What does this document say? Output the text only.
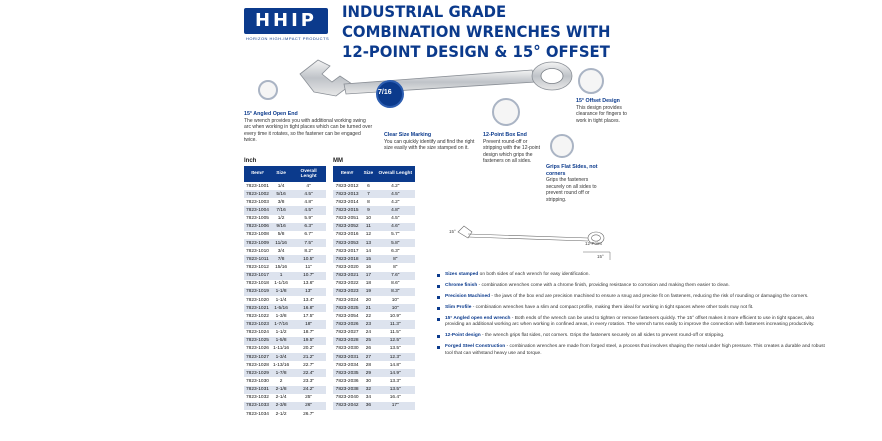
HHIP
HORIZON HIGH-IMPACT PRODUCTS
INDUSTRIAL GRADE COMBINATION WRENCHES WITH 12-POINT DESIGN & 15° OFFSET
7/16
15° Angled Open End
The wrench provides you with additional working swing arc when working in tight places which can be turned over every time it rotates, so the fastener can be engaged twice.
Clear Size Marking
You can quickly identify and find the right size easily with the size stamped on it.
12-Point Box End
Prevent round-off or stripping with the 12-point design which grips the fasteners on all sides.
15° Offset Design
This design provides clearance for fingers to work in tight places.
Grips Flat Sides, not corners
Grips the fasteners securely on all sides to prevent round off or stripping.
15°
12-Point
15°
Inch
Item#	Size	Overall Lenght
7823-1001	1/4	4"
7823-1002	5/16	4.5"
7823-1003	3/8	4.8"
7823-1004	7/16	4.5"
7823-1005	1/2	5.9"
7823-1006	9/16	6.3"
7823-1008	5/8	6.7"
7823-1009	11/16	7.5"
7823-1010	3/4	8.2"
7823-1011	7/8	10.5"
7823-1012	15/16	11"
7823-1017	1	10.7"
7823-1018	1-1/16	13.6"
7823-1019	1-1/8	13"
7823-1020	1-1/4	13.4"
7823-1021	1-5/16	16.8"
7823-1022	1-3/8	17.5"
7823-1023	1-7/16	18"
7823-1024	1-1/2	18.7"
7823-1025	1-5/8	19.5"
7823-1026	1-11/16	20.2"
7823-1027	1-3/4	21.2"
7823-1028	1-13/16	22.7"
7823-1029	1-7/8	22.4"
7823-1030	2	23.3"
7823-1031	2-1/8	24.2"
7823-1032	2-1/4	25"
7823-1033	2-3/8	26"
7823-1034	2-1/2	26.7"
MM
Item#	Size	Overall Lenght
7823-2012	6	4.2"
7823-2013	7	4.5"
7823-2014	8	4.2"
7823-2015	9	4.8"
7823-2051	10	4.5"
7823-2052	11	4.6"
7823-2016	12	5.7"
7823-2053	13	5.8"
7823-2017	14	6.3"
7823-2018	15	8"
7823-2020	16	8"
7823-2021	17	7.6"
7823-2022	18	8.6"
7823-2023	19	8.3"
7823-2024	20	10"
7823-2025	21	10"
7823-2054	22	10.9"
7823-2026	23	11.3"
7823-2027	24	11.5"
7823-2028	25	12.5"
7823-2030	26	13.5"
7823-2031	27	12.3"
7823-2034	28	14.8"
7823-2035	29	14.9"
7823-2036	30	13.3"
7823-2038	32	13.5"
7823-2040	34	16.4"
7823-2042	36	17"
Sizes stamped on both sides of each wrench for easy identification.
Chrome finish - combination wrenches come with a chrome finish, providing resistance to corrosion and making them easier to clean.
Precision Machined - the jaws of the box end are precision machined to ensure a snug and precise fit on fasteners, reducing the risk of rounding or damaging the corners.
Slim Profile - combination wrenches have a slim and compact profile, making them ideal for working in tight spaces where other tools may not fit.
15° Angled open end wrench - Both ends of the wrench can be used to tighten or remove fasteners quickly. The 15° offset makes it more efficient to use in tight spaces, also providing an additional working arc when working in confined areas, in every rotation. The wrench turns easily to improve the connection with fasteners increasing productivity.
12-Point design - the wrench grips flat sides, not corners. Grips the fasteners securely on all sides to prevent round-off or stripping.
Forged Steel Construction - combination wrenches are made from forged steel, a process that involves shaping the metal under high pressure. This creates a durable and robust tool that can withstand heavy use and torque.
